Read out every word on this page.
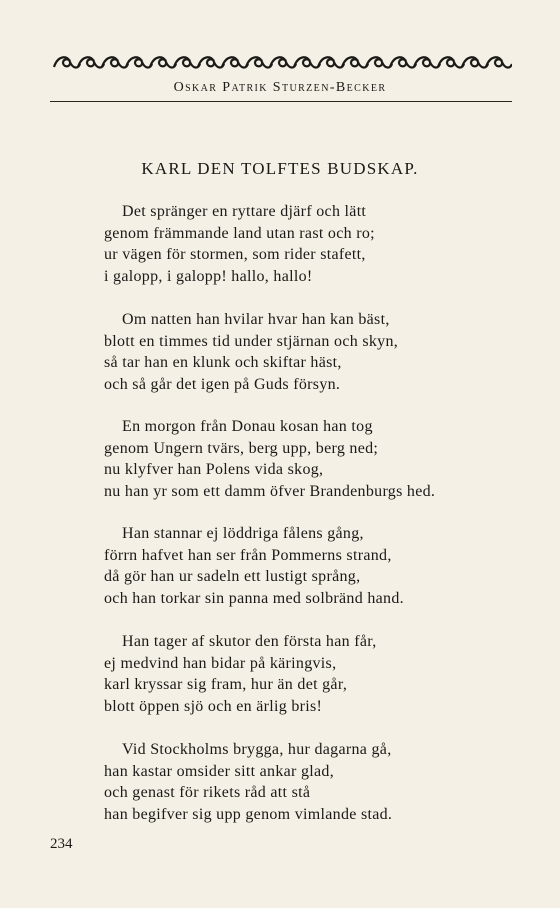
Oskar Patrik Sturzen-Becker
KARL DEN TOLFTES BUDSKAP.
Det spränger en ryttare djärf och lätt
genom främmande land utan rast och ro;
ur vägen för stormen, som rider stafett,
i galopp, i galopp! hallo, hallo!
Om natten han hvilar hvar han kan bäst,
blott en timmes tid under stjärnan och skyn,
så tar han en klunk och skiftar häst,
och så går det igen på Guds försyn.
En morgon från Donau kosan han tog
genom Ungern tvärs, berg upp, berg ned;
nu klyfver han Polens vida skog,
nu han yr som ett damm öfver Brandenburgs hed.
Han stannar ej löddriga fålens gång,
förrn hafvet han ser från Pommerns strand,
då gör han ur sadeln ett lustigt språng,
och han torkar sin panna med solbränd hand.
Han tager af skutor den första han får,
ej medvind han bidar på käringvis,
karl kryssar sig fram, hur än det går,
blott öppen sjö och en ärlig bris!
Vid Stockholms brygga, hur dagarna gå,
han kastar omsider sitt ankar glad,
och genast för rikets råd att stå
han begifver sig upp genom vimlande stad.
234
